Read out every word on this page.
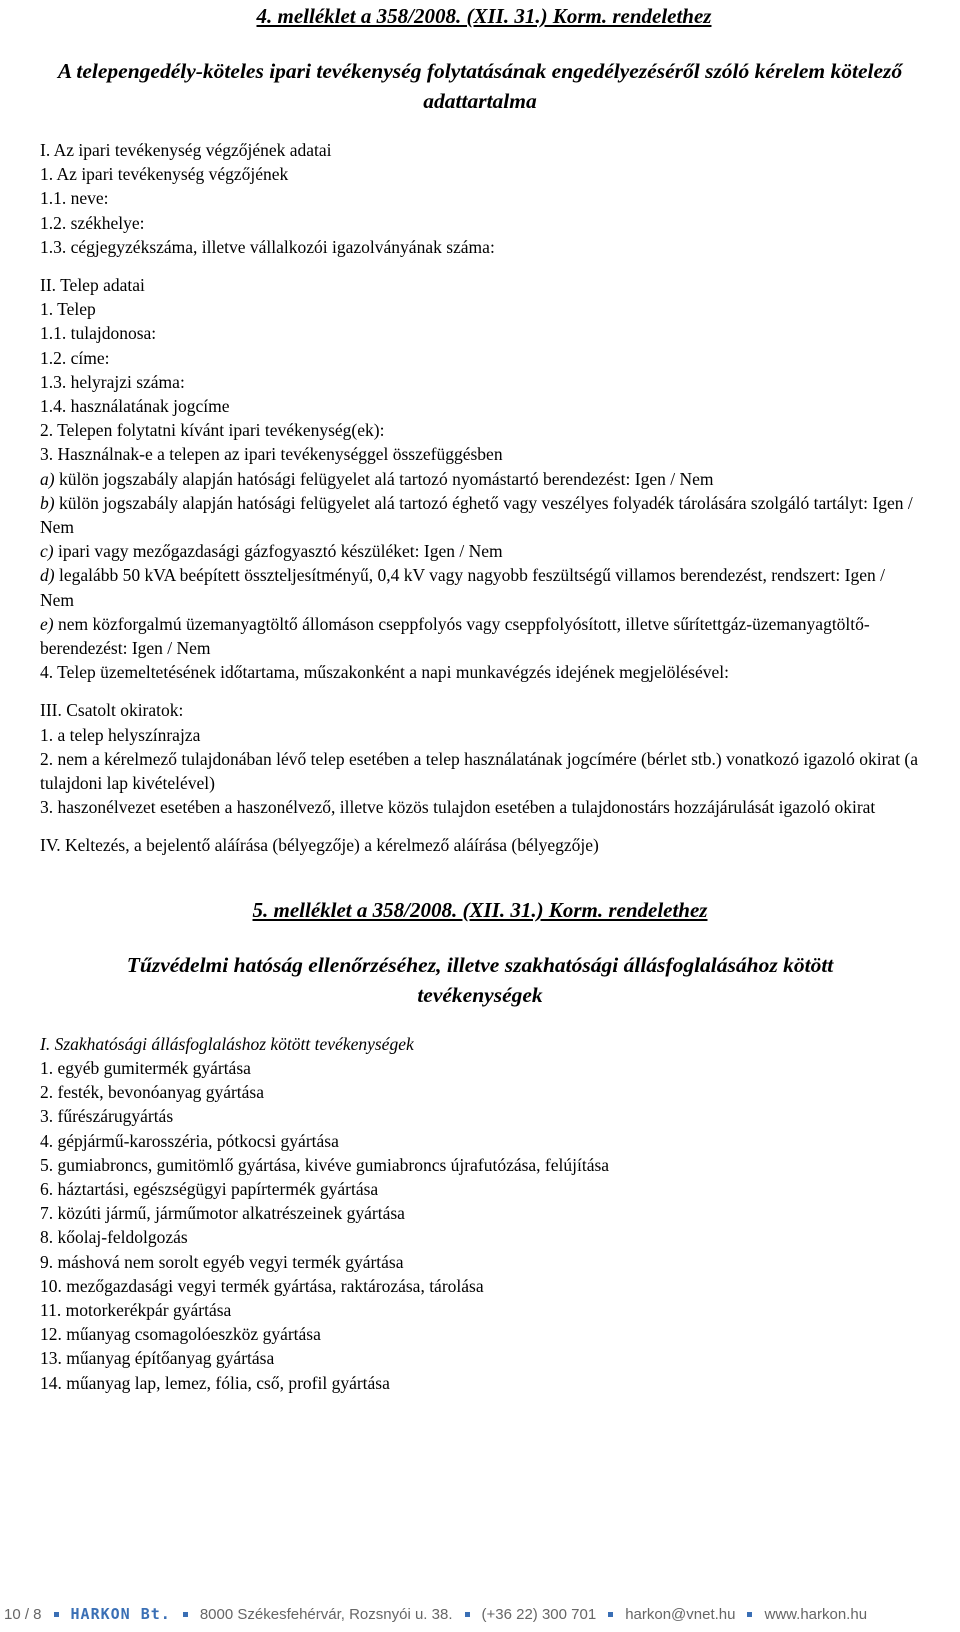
4. melléklet a 358/2008. (XII. 31.) Korm. rendelethez

A telepengedély-köteles ipari tevékenység folytatásának engedélyezéséről szóló kérelem kötelező adattartalma

I. Az ipari tevékenység végzőjének adatai

1. Az ipari tevékenység végzőjének

1.1. neve:

1.2. székhelye:

1.3. cégjegyzékszáma, illetve vállalkozói igazolványának száma:

II. Telep adatai

1. Telep

1.1. tulajdonosa:

1.2. címe:

1.3. helyrajzi száma:

1.4. használatának jogcíme

2. Telepen folytatni kívánt ipari tevékenység(ek):

3. Használnak-e a telepen az ipari tevékenységgel összefüggésben

a) külön jogszabály alapján hatósági felügyelet alá tartozó nyomástartó berendezést: Igen / Nem

b) külön jogszabály alapján hatósági felügyelet alá tartozó éghető vagy veszélyes folyadék tárolására szolgáló tartályt: Igen / Nem

c) ipari vagy mezőgazdasági gázfogyasztó készüléket: Igen / Nem

d) legalább 50 kVA beépített összteljesítményű, 0,4 kV vagy nagyobb feszültségű villamos berendezést, rendszert: Igen / Nem

e) nem közforgalmú üzemanyagtöltő állomáson cseppfolyós vagy cseppfolyósított, illetve sűrítettgáz-üzemanyagtöltő-berendezést: Igen / Nem

4. Telep üzemeltetésének időtartama, műszakonként a napi munkavégzés idejének megjelölésével:

III. Csatolt okiratok:

1. a telep helyszínrajza

2. nem a kérelmező tulajdonában lévő telep esetében a telep használatának jogcímére (bérlet stb.) vonatkozó igazoló okirat (a tulajdoni lap kivételével)

3. haszonélvezet esetében a haszonélvező, illetve közös tulajdon esetében a tulajdonostárs hozzájárulását igazoló okirat

IV. Keltezés, a bejelentő aláírása (bélyegzője) a kérelmező aláírása (bélyegzője)

5. melléklet a 358/2008. (XII. 31.) Korm. rendelethez

Tűzvédelmi hatóság ellenőrzéséhez, illetve szakhatósági állásfoglalásához kötött tevékenységek

I. Szakhatósági állásfoglaláshoz kötött tevékenységek

1. egyéb gumitermék gyártása

2. festék, bevonóanyag gyártása

3. fűrészárugyártás

4. gépjármű-karosszéria, pótkocsi gyártása

5. gumiabroncs, gumitömlő gyártása, kivéve gumiabroncs újrafutózása, felújítása

6. háztartási, egészségügyi papírtermék gyártása

7. közúti jármű, járműmotor alkatrészeinek gyártása

8. kőolaj-feldolgozás

9. máshová nem sorolt egyéb vegyi termék gyártása

10. mezőgazdasági vegyi termék gyártása, raktározása, tárolása

11. motorkerékpár gyártása

12. műanyag csomagolóeszköz gyártása

13. műanyag építőanyag gyártása

14. műanyag lap, lemez, fólia, cső, profil gyártása

10 / 8 HARKON Bt. 8000 Székesfehérvár, Rozsnyói u. 38. (+36 22) 300 701 harkon@vnet.hu www.harkon.hu
